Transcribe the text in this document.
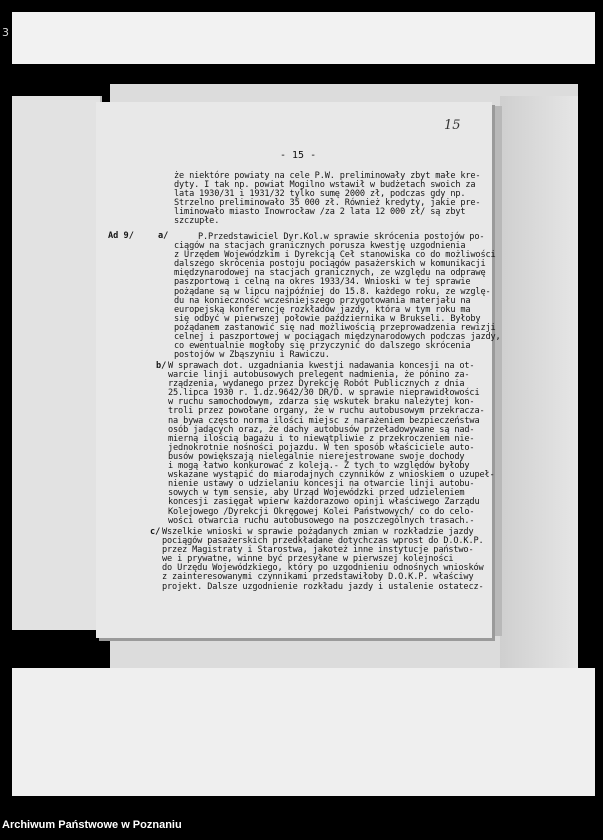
3
15
- 15 -
że niektóre powiaty na cele P.W. preliminowały zbyt małe kre-
dyty. I tak np. powiat Mogilno wstawił w budżetach swoich za
lata 1930/31 i 1931/32 tylko sumę 2000 zł, podczas gdy np.
Strzelno preliminowało 35 000 zł. Również kredyty, jakie pre-
liminowało miasto Inowrocław /za 2 lata 12 000 zł/ są zbyt
szczupłe.
Ad 9/	a/	P.Przedstawiciel Dyr.Kol.w sprawie skrócenia postojów po-
ciągów na stacjach granicznych porusza kwestję uzgodnienia
z Urzędem Wojewódzkim i Dyrekcją Ceł stanowiska co do możliwości
dalszego skrócenia postoju pociągów pasażerskich w komunikacji
międzynarodowej na stacjach granicznych, ze względu na odprawę
paszportową i celną na okres 1933/34. Wnioski w tej sprawie
pożądane są w lipcu najpóźniej do 15.8. każdego roku, ze wzglę-
du na konieczność wcześniejszego przygotowania materjału na
europejską konferencję rozkładów jazdy, która w tym roku ma
się odbyć w pierwszej połowie października w Brukseli. Byłoby
pożądanem zastanowić się nad możliwością przeprowadzenia rewizji
celnej i paszportowej w pociągach międzynarodowych podczas jazdy,
co ewentualnie mogłoby się przyczynić do dalszego skrócenia
postojów w Zbąszyniu i Rawiczu.
b/ W sprawach dot. uzgadniania kwestji nadawania koncesji na ot-
warcie linji autobusowych prelegent nadmienia, że pónino za-
rządzenia, wydanego przez Dyrekcję Robót Publicznych z dnia
25.lipca 1930 r. 1.dz.9642/30 DR/D. w sprawie nieprawidłowości
w ruchu samochodowym, zdarza się wskutek braku należytej kon-
troli przez powołane organy, że w ruchu autobusowym przekracza-
na bywa często norma ilości miejsc z narażeniem bezpieczeństwa
osób jadących oraz, że dachy autobusów przeładowywane są nad-
mierną ilością bagażu i to niewątpliwie z przekroczeniem nie-
jednokrotnie nośności pojazdu. W ten sposób właściciele auto-
busów powiększają nielegalnie nierejestrowane swoje dochody
i mogą łatwo konkurować z koleją.- Z tych to względów byłoby
wskazane wystąpić do miarodajnych czynników z wnioskiem o uzupeł-
nienie ustawy o udzielaniu koncesji na otwarcie linji autobu-
sowych w tym sensie, aby Urząd Wojewódzki przed udzieleniem
koncesji zasięgał wpierw każdorazowo opinji właściwego Zarządu
Kolejowego /Dyrekcji Okręgowej Kolei Państwowych/ co do celo-
wości otwarcia ruchu autobusowego na poszczególnych trasach.-
c/ Wszelkie wnioski w sprawie pożądanych zmian w rozkładzie jazdy
pociągów pasażerskich przedkładane dotychczas wprost do D.O.K.P.
przez Magistraty i Starostwa, jakoteż inne instytucje państwo-
we i prywatne, winne być przesyłane w pierwszej kolejności
do Urzędu Wojewódzkiego, który po uzgodnieniu odnośnych wniosków
z zainteresowanymi czynnikami przedstawiłoby D.O.K.P. właściwy
projekt. Dalsze uzgodnienie rozkładu jazdy i ustalenie ostatecz-
Archiwum Państwowe w Poznaniu
